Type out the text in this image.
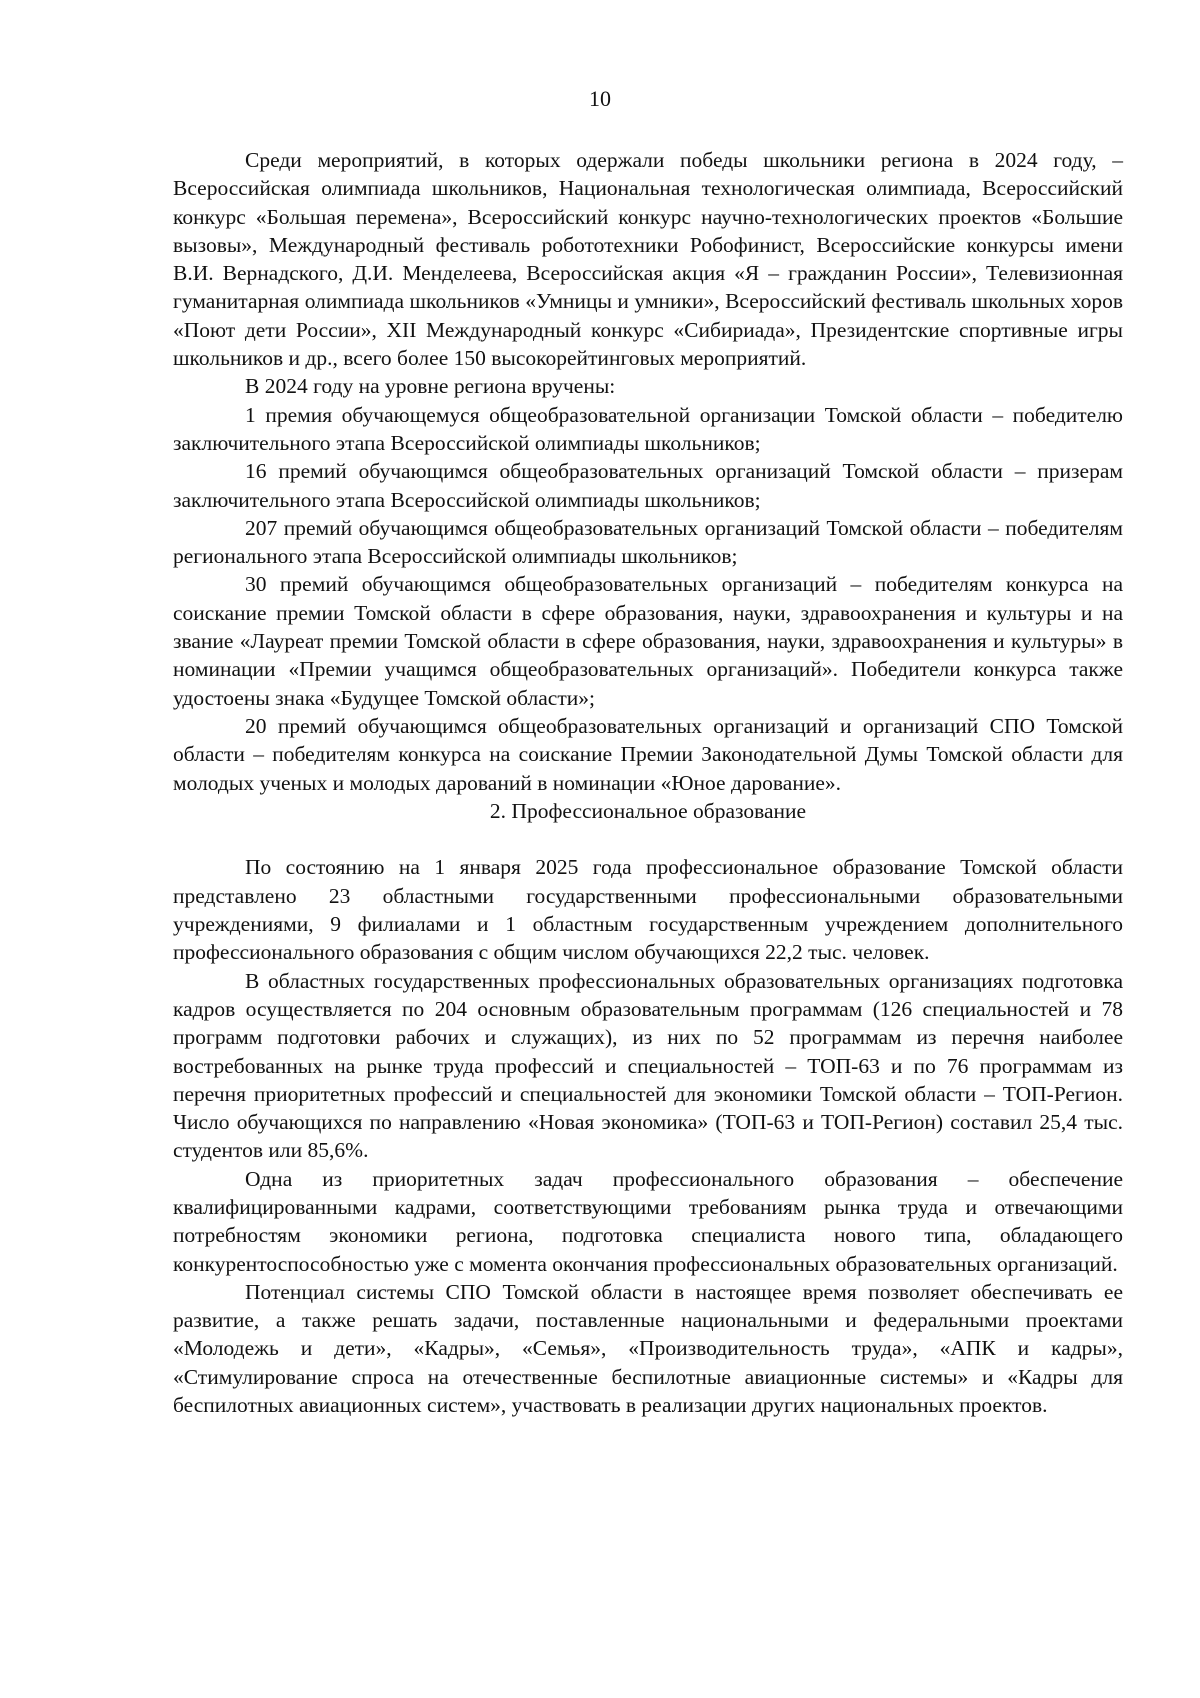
10

Среди мероприятий, в которых одержали победы школьники региона в 2024 году, – Всероссийская олимпиада школьников, Национальная технологическая олимпиада, Всероссийский конкурс «Большая перемена», Всероссийский конкурс научно-технологических проектов «Большие вызовы», Международный фестиваль робототехники Робофинист, Всероссийские конкурсы имени В.И. Вернадского, Д.И. Менделеева, Всероссийская акция «Я – гражданин России», Телевизионная гуманитарная олимпиада школьников «Умницы и умники», Всероссийский фестиваль школьных хоров «Поют дети России», XII Международный конкурс «Сибириада», Президентские спортивные игры школьников и др., всего более 150 высокорейтинговых мероприятий.

В 2024 году на уровне региона вручены:

1 премия обучающемуся общеобразовательной организации Томской области – победителю заключительного этапа Всероссийской олимпиады школьников;

16 премий обучающимся общеобразовательных организаций Томской области – призерам заключительного этапа Всероссийской олимпиады школьников;

207 премий обучающимся общеобразовательных организаций Томской области – победителям регионального этапа Всероссийской олимпиады школьников;

30 премий обучающимся общеобразовательных организаций – победителям конкурса на соискание премии Томской области в сфере образования, науки, здравоохранения и культуры и на звание «Лауреат премии Томской области в сфере образования, науки, здравоохранения и культуры» в номинации «Премии учащимся общеобразовательных организаций». Победители конкурса также удостоены знака «Будущее Томской области»;

20 премий обучающимся общеобразовательных организаций и организаций СПО Томской области – победителям конкурса на соискание Премии Законодательной Думы Томской области для молодых ученых и молодых дарований в номинации «Юное дарование».

2. Профессиональное образование

По состоянию на 1 января 2025 года профессиональное образование Томской области представлено 23 областными государственными профессиональными образовательными учреждениями, 9 филиалами и 1 областным государственным учреждением дополнительного профессионального образования с общим числом обучающихся 22,2 тыс. человек.

В областных государственных профессиональных образовательных организациях подготовка кадров осуществляется по 204 основным образовательным программам (126 специальностей и 78 программ подготовки рабочих и служащих), из них по 52 программам из перечня наиболее востребованных на рынке труда профессий и специальностей – ТОП-63 и по 76 программам из перечня приоритетных профессий и специальностей для экономики Томской области – ТОП-Регион. Число обучающихся по направлению «Новая экономика» (ТОП-63 и ТОП-Регион) составил 25,4 тыс. студентов или 85,6%.

Одна из приоритетных задач профессионального образования – обеспечение квалифицированными кадрами, соответствующими требованиям рынка труда и отвечающими потребностям экономики региона, подготовка специалиста нового типа, обладающего конкурентоспособностью уже с момента окончания профессиональных образовательных организаций.

Потенциал системы СПО Томской области в настоящее время позволяет обеспечивать ее развитие, а также решать задачи, поставленные национальными и федеральными проектами «Молодежь и дети», «Кадры», «Семья», «Производительность труда», «АПК и кадры», «Стимулирование спроса на отечественные беспилотные авиационные системы» и «Кадры для беспилотных авиационных систем», участвовать в реализации других национальных проектов.
